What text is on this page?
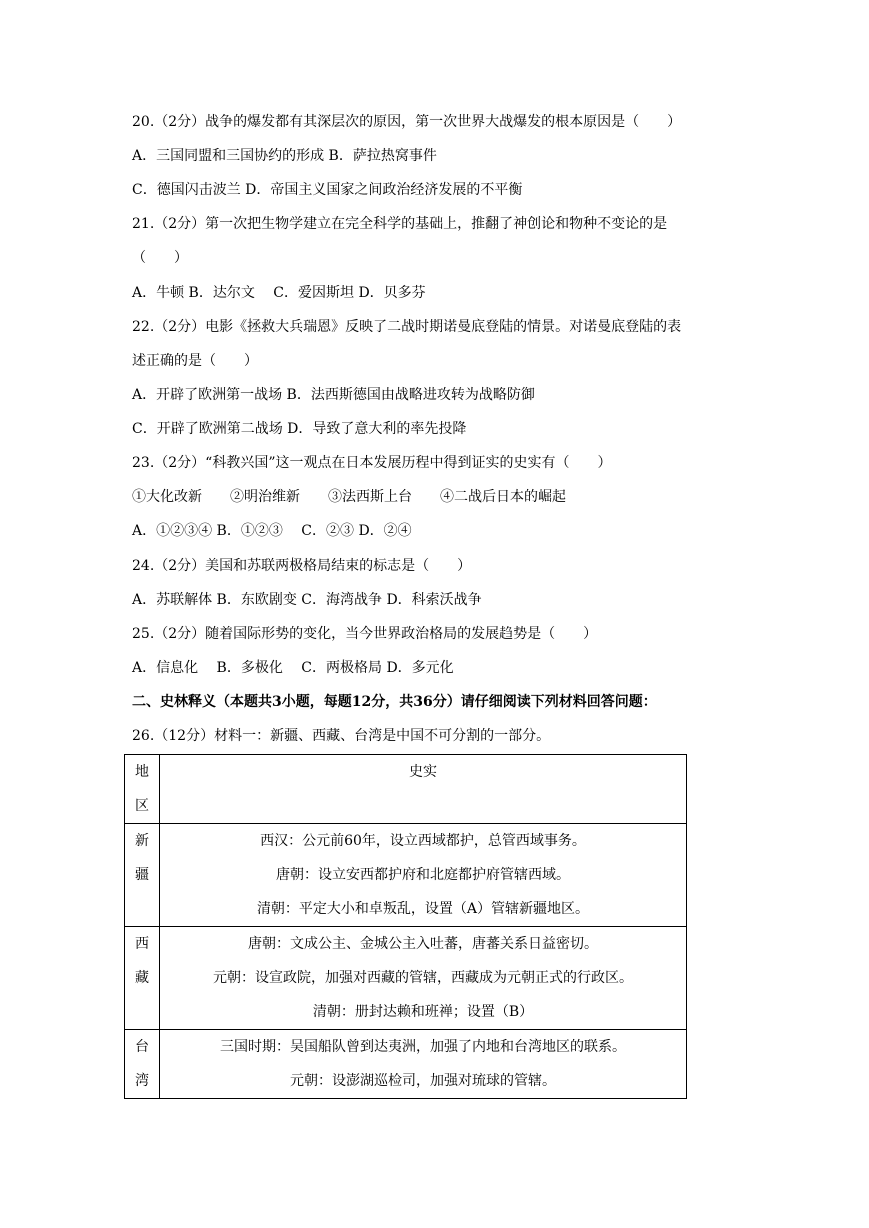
20.（2分）战争的爆发都有其深层次的原因，第一次世界大战爆发的根本原因是（　　）
A．三国同盟和三国协约的形成 B．萨拉热窝事件
C．德国闪击波兰 D．帝国主义国家之间政治经济发展的不平衡
21.（2分）第一次把生物学建立在完全科学的基础上，推翻了神创论和物种不变论的是
（　　）
A．牛顿 B．达尔文　 C．爱因斯坦 D．贝多芬
22.（2分）电影《拯救大兵瑞恩》反映了二战时期诺曼底登陆的情景。对诺曼底登陆的表
述正确的是（　　）
A．开辟了欧洲第一战场 B．法西斯德国由战略进攻转为战略防御
C．开辟了欧洲第二战场 D．导致了意大利的率先投降
23.（2分）“科教兴国”这一观点在日本发展历程中得到证实的史实有（　　）
①大化改新　　②明治维新　　③法西斯上台　　④二战后日本的崛起
A．①②③④ B．①②③　 C．②③ D．②④
24.（2分）美国和苏联两极格局结束的标志是（　　）
A．苏联解体 B．东欧剧变 C．海湾战争 D．科索沃战争
25.（2分）随着国际形势的变化，当今世界政治格局的发展趋势是（　　）
A．信息化　 B．多极化　 C．两极格局 D．多元化
二、史林释义（本题共3小题，每题12分，共36分）请仔细阅读下列材料回答问题：
26.（12分）材料一：新疆、西藏、台湾是中国不可分割的一部分。
地
区	史实

新
疆	西汉：公元前60年，设立西域都护，总管西域事务。
唐朝：设立安西都护府和北庭都护府管辖西域。
清朝：平定大小和卓叛乱，设置（A）管辖新疆地区。

西
藏	唐朝：文成公主、金城公主入吐蕃，唐蕃关系日益密切。
元朝：设宣政院，加强对西藏的管辖，西藏成为元朝正式的行政区。
清朝：册封达赖和班禅；设置（B）

台
湾	三国时期：吴国船队曾到达夷洲，加强了内地和台湾地区的联系。
元朝：设澎湖巡检司，加强对琉球的管辖。
